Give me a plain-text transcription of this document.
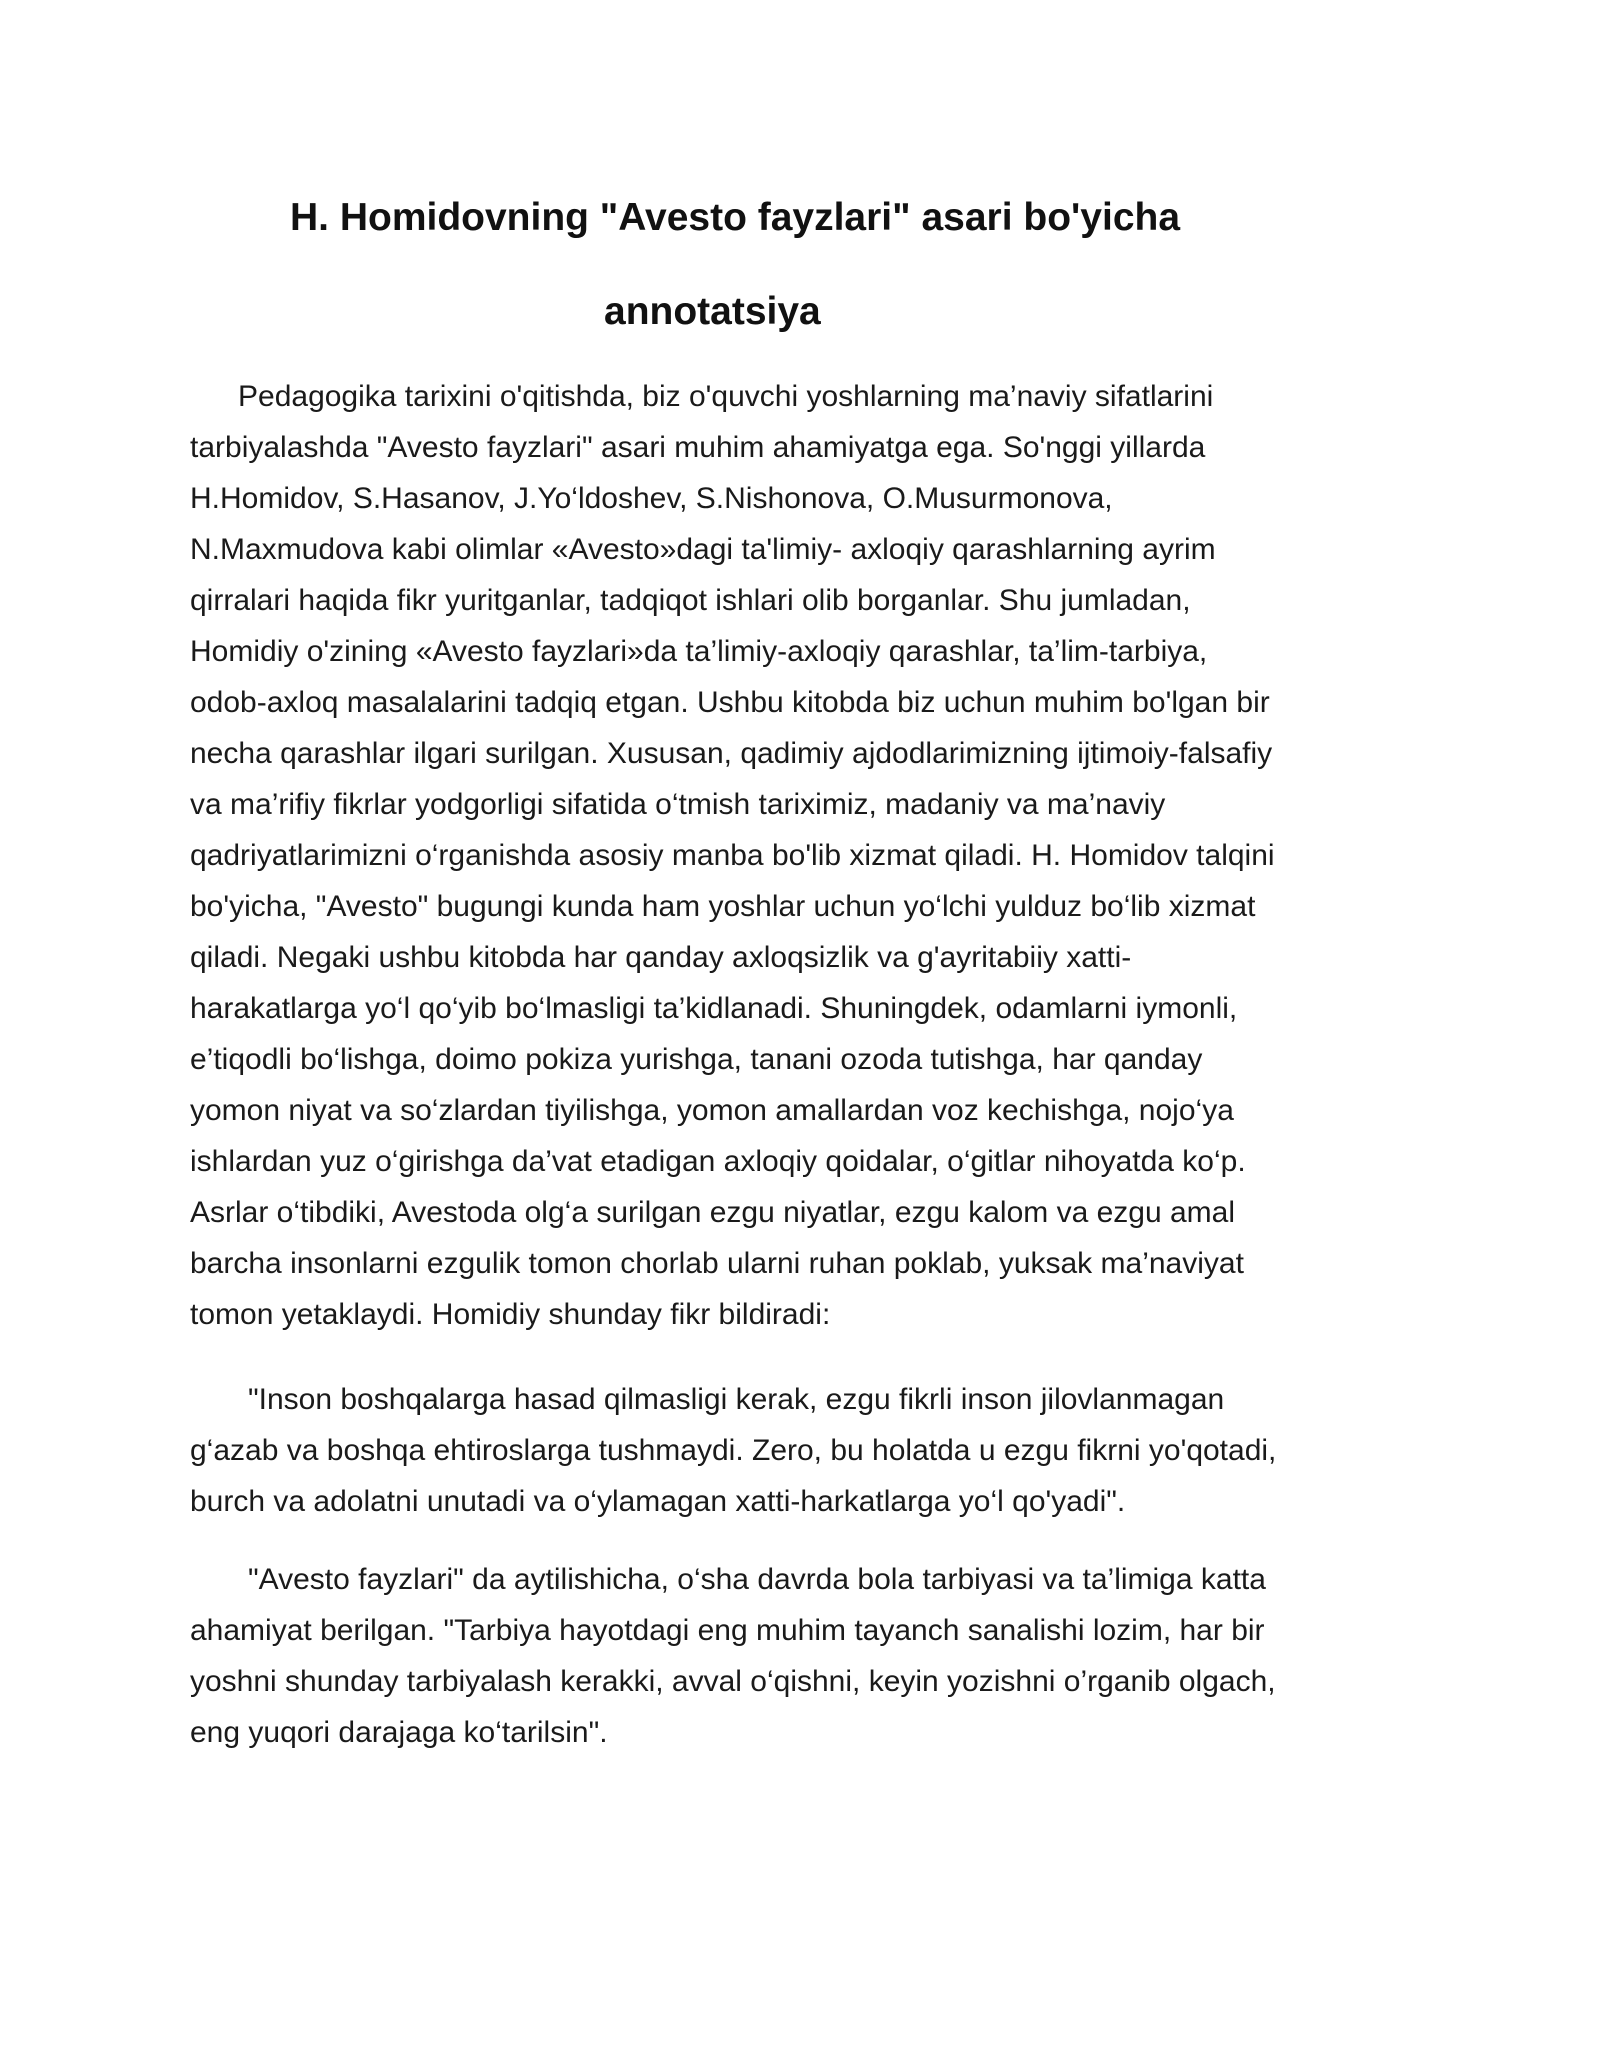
H. Homidovning "Avesto fayzlari" asari bo'yicha
annotatsiya

Pedagogika tarixini o'qitishda, biz o'quvchi yoshlarning ma’naviy sifatlarini
tarbiyalashda "Avesto fayzlari" asari muhim ahamiyatga ega. So'nggi yillarda
H.Homidov, S.Hasanov, J.Yo‘ldoshev, S.Nishonova, O.Musurmonova,
N.Maxmudova kabi olimlar «Avesto»dagi ta'limiy- axloqiy qarashlarning ayrim
qirralari haqida fikr yuritganlar, tadqiqot ishlari olib borganlar. Shu jumladan,
Homidiy o'zining «Avesto fayzlari»da ta’limiy-axloqiy qarashlar, ta’lim-tarbiya,
odob-axloq masalalarini tadqiq etgan. Ushbu kitobda biz uchun muhim bo'lgan bir
necha qarashlar ilgari surilgan. Xususan, qadimiy ajdodlarimizning ijtimoiy-falsafiy
va ma’rifiy fikrlar yodgorligi sifatida o‘tmish tariximiz, madaniy va ma’naviy
qadriyatlarimizni o‘rganishda asosiy manba bo'lib xizmat qiladi. H. Homidov talqini
bo'yicha, "Avesto" bugungi kunda ham yoshlar uchun yo‘lchi yulduz bo‘lib xizmat
qiladi. Negaki ushbu kitobda har qanday axloqsizlik va g'ayritabiiy xatti-
harakatlarga yo‘l qo‘yib bo‘lmasligi ta’kidlanadi. Shuningdek, odamlarni iymonli,
e’tiqodli bo‘lishga, doimo pokiza yurishga, tanani ozoda tutishga, har qanday
yomon niyat va so‘zlardan tiyilishga, yomon amallardan voz kechishga, nojo‘ya
ishlardan yuz o‘girishga da’vat etadigan axloqiy qoidalar, o‘gitlar nihoyatda ko‘p.
Asrlar o‘tibdiki, Avestoda olg‘a surilgan ezgu niyatlar, ezgu kalom va ezgu amal
barcha insonlarni ezgulik tomon chorlab ularni ruhan poklab, yuksak ma’naviyat
tomon yetaklaydi. Homidiy shunday fikr bildiradi:

"Inson boshqalarga hasad qilmasligi kerak, ezgu fikrli inson jilovlanmagan
g‘azab va boshqa ehtiroslarga tushmaydi. Zero, bu holatda u ezgu fikrni yo'qotadi,
burch va adolatni unutadi va o‘ylamagan xatti-harkatlarga yo‘l qo'yadi".

"Avesto fayzlari" da aytilishicha, o‘sha davrda bola tarbiyasi va ta’limiga katta
ahamiyat berilgan. "Tarbiya hayotdagi eng muhim tayanch sanalishi lozim, har bir
yoshni shunday tarbiyalash kerakki, avval o‘qishni, keyin yozishni o’rganib olgach,
eng yuqori darajaga ko‘tarilsin".
